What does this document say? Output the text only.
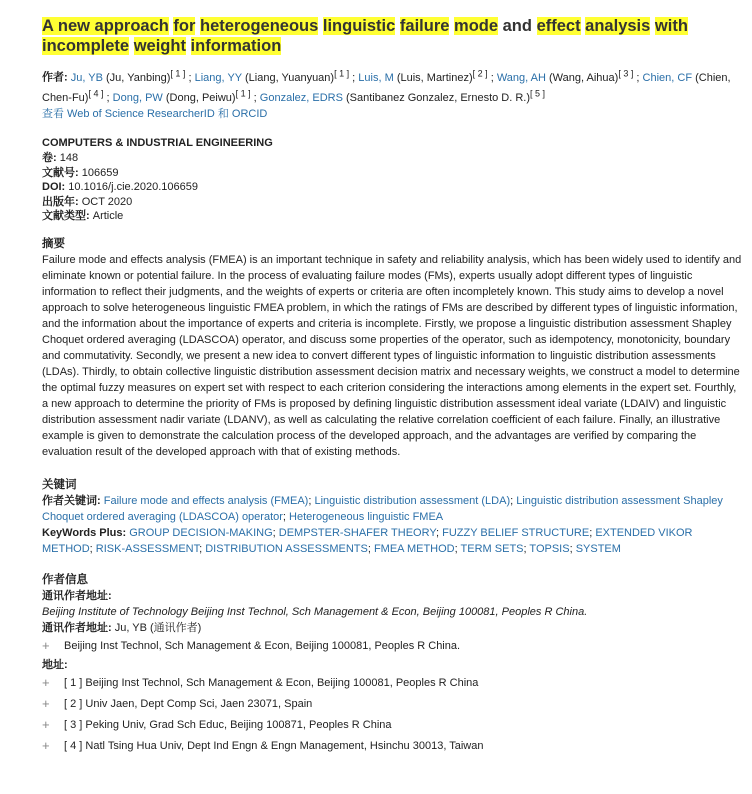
A new approach for heterogeneous linguistic failure mode and effect analysis with incomplete weight information
作者: Ju, YB (Ju, Yanbing)[ 1 ] ; Liang, YY (Liang, Yuanyuan)[ 1 ] ; Luis, M (Luis, Martinez)[ 2 ] ; Wang, AH (Wang, Aihua)[ 3 ] ; Chien, CF (Chien, Chen-Fu)[ 4 ] ; Dong, PW (Dong, Peiwu)[ 1 ] ; Gonzalez, EDRS (Santibanez Gonzalez, Ernesto D. R.)[ 5 ]
查看 Web of Science ResearcherID 和 ORCID
COMPUTERS & INDUSTRIAL ENGINEERING
卷: 148
文献号: 106659
DOI: 10.1016/j.cie.2020.106659
出版年: OCT 2020
文献类型: Article
摘要

Failure mode and effects analysis (FMEA) is an important technique in safety and reliability analysis, which has been widely used to identify and eliminate known or potential failure. In the process of evaluating failure modes (FMs), experts usually adopt different types of linguistic information to reflect their judgments, and the weights of experts or criteria are often incompletely known. This study aims to develop a novel approach to solve heterogeneous linguistic FMEA problem, in which the ratings of FMs are described by different types of linguistic information, and the information about the importance of experts and criteria is incomplete. Firstly, we propose a linguistic distribution assessment Shapley Choquet ordered averaging (LDASCOA) operator, and discuss some properties of the operator, such as idempotency, monotonicity, boundary and commutativity. Secondly, we present a new idea to convert different types of linguistic information to linguistic distribution assessments (LDAs). Thirdly, to obtain collective linguistic distribution assessment decision matrix and necessary weights, we construct a model to determine the optimal fuzzy measures on expert set with respect to each criterion considering the interactions among elements in the expert set. Fourthly, a new approach to determine the priority of FMs is proposed by defining linguistic distribution assessment ideal variate (LDAIV) and linguistic distribution assessment nadir variate (LDANV), as well as calculating the relative correlation coefficient of each failure. Finally, an illustrative example is given to demonstrate the calculation process of the developed approach, and the advantages are verified by comparing the evaluation result of the developed approach with that of existing methods.

关键词
作者关键词: Failure mode and effects analysis (FMEA); Linguistic distribution assessment (LDA); Linguistic distribution assessment Shapley Choquet ordered averaging (LDASCOA) operator; Heterogeneous linguistic FMEA
KeyWords Plus: GROUP DECISION-MAKING; DEMPSTER-SHAFER THEORY; FUZZY BELIEF STRUCTURE; EXTENDED VIKOR METHOD; RISK-ASSESSMENT; DISTRIBUTION ASSESSMENTS; FMEA METHOD; TERM SETS; TOPSIS; SYSTEM
作者信息
通讯作者地址:
Beijing Institute of Technology Beijing Inst Technol, Sch Management & Econ, Beijing 100081, Peoples R China.
通讯作者地址: Ju, YB (通讯作者)
+	Beijing Inst Technol, Sch Management & Econ, Beijing 100081, Peoples R China.
地址:
+	[ 1 ] Beijing Inst Technol, Sch Management & Econ, Beijing 100081, Peoples R China
+	[ 2 ] Univ Jaen, Dept Comp Sci, Jaen 23071, Spain
+	[ 3 ] Peking Univ, Grad Sch Educ, Beijing 100871, Peoples R China
+	[ 4 ] Natl Tsing Hua Univ, Dept Ind Engn & Engn Management, Hsinchu 30013, Taiwan
